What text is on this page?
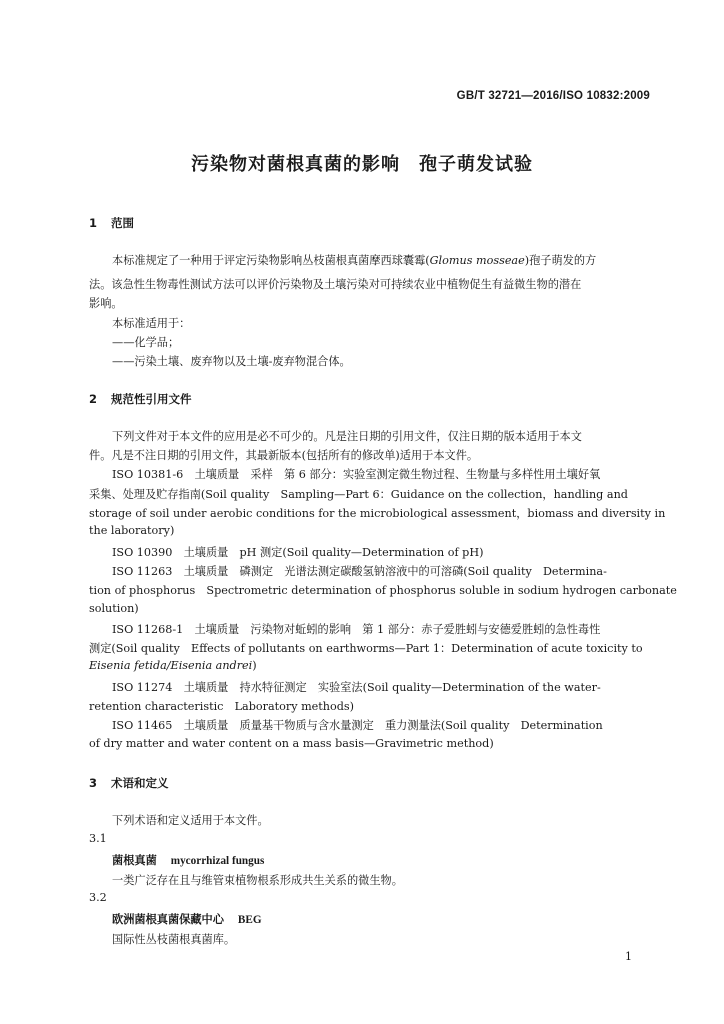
GB/T 32721—2016/ISO 10832:2009
污染物对菌根真菌的影响　孢子萌发试验
1 范围
本标准规定了一种用于评定污染物影响丛枝菌根真菌摩西球囊霉(Glomus mosseae)孢子萌发的方
法。该急性生物毒性测试方法可以评价污染物及土壤污染对可持续农业中植物促生有益微生物的潜在
影响。
本标准适用于：
——化学品；
——污染土壤、废弃物以及土壤-废弃物混合体。
2 规范性引用文件
下列文件对于本文件的应用是必不可少的。凡是注日期的引用文件，仅注日期的版本适用于本文
件。凡是不注日期的引用文件，其最新版本(包括所有的修改单)适用于本文件。
ISO 10381-6　土壤质量　采样　第 6 部分：实验室测定微生物过程、生物量与多样性用土壤好氧
采集、处理及贮存指南(Soil quality　Sampling—Part 6：Guidance on the collection，handling and
storage of soil under aerobic conditions for the microbiological assessment，biomass and diversity in
the laboratory)
ISO 10390　土壤质量　pH 测定(Soil quality—Determination of pH)
ISO 11263　土壤质量　磷测定　光谱法测定碳酸氢钠溶液中的可溶磷(Soil quality　Determina-
tion of phosphorus　Spectrometric determination of phosphorus soluble in sodium hydrogen carbonate
solution)
ISO 11268-1　土壤质量　污染物对蚯蚓的影响　第 1 部分：赤子爱胜蚓与安德爱胜蚓的急性毒性
测定(Soil quality　Effects of pollutants on earthworms—Part 1：Determination of acute toxicity to
Eisenia fetida/Eisenia andrei)
ISO 11274　土壤质量　持水特征测定　实验室法(Soil quality—Determination of the water-
retention characteristic　Laboratory methods)
ISO 11465　土壤质量　质量基干物质与含水量测定　重力测量法(Soil quality　Determination
of dry matter and water content on a mass basis—Gravimetric method)
3 术语和定义
下列术语和定义适用于本文件。
3.1
菌根真菌 mycorrhizal fungus
一类广泛存在且与维管束植物根系形成共生关系的微生物。
3.2
欧洲菌根真菌保藏中心 BEG
国际性丛枝菌根真菌库。
1
